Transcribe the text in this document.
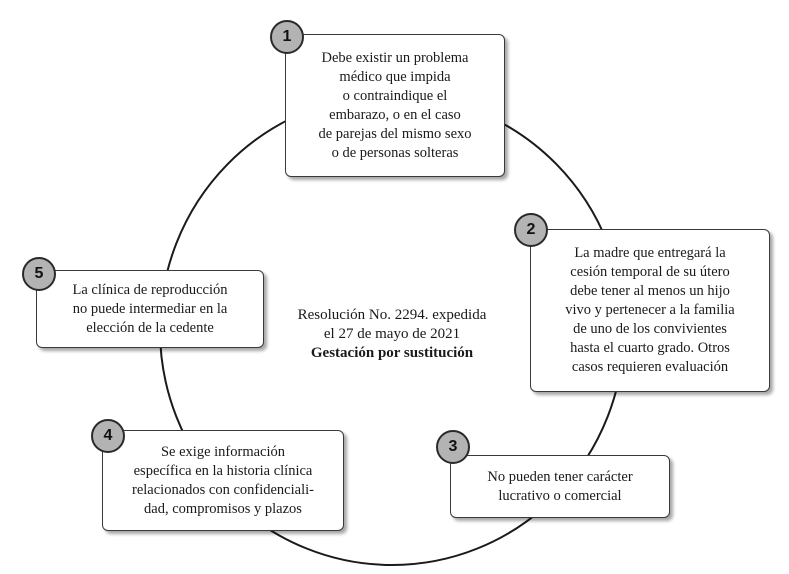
Resolución No. 2294. expedida
el 27 de mayo de 2021
Gestación por sustitución
Debe existir un problema
médico que impida
o contraindique el
embarazo, o en el caso
de parejas del mismo sexo
o de personas solteras
1
La madre que entregará la
cesión temporal de su útero
debe tener al menos un hijo
vivo y pertenecer a la familia
de uno de los convivientes
hasta el cuarto grado. Otros
casos requieren evaluación
2
No pueden tener carácter
lucrativo o comercial
3
Se exige información
específica en la historia clínica
relacionados con confidenciali-
dad, compromisos y plazos
4
La clínica de reproducción
no puede intermediar en la
elección de la cedente
5
